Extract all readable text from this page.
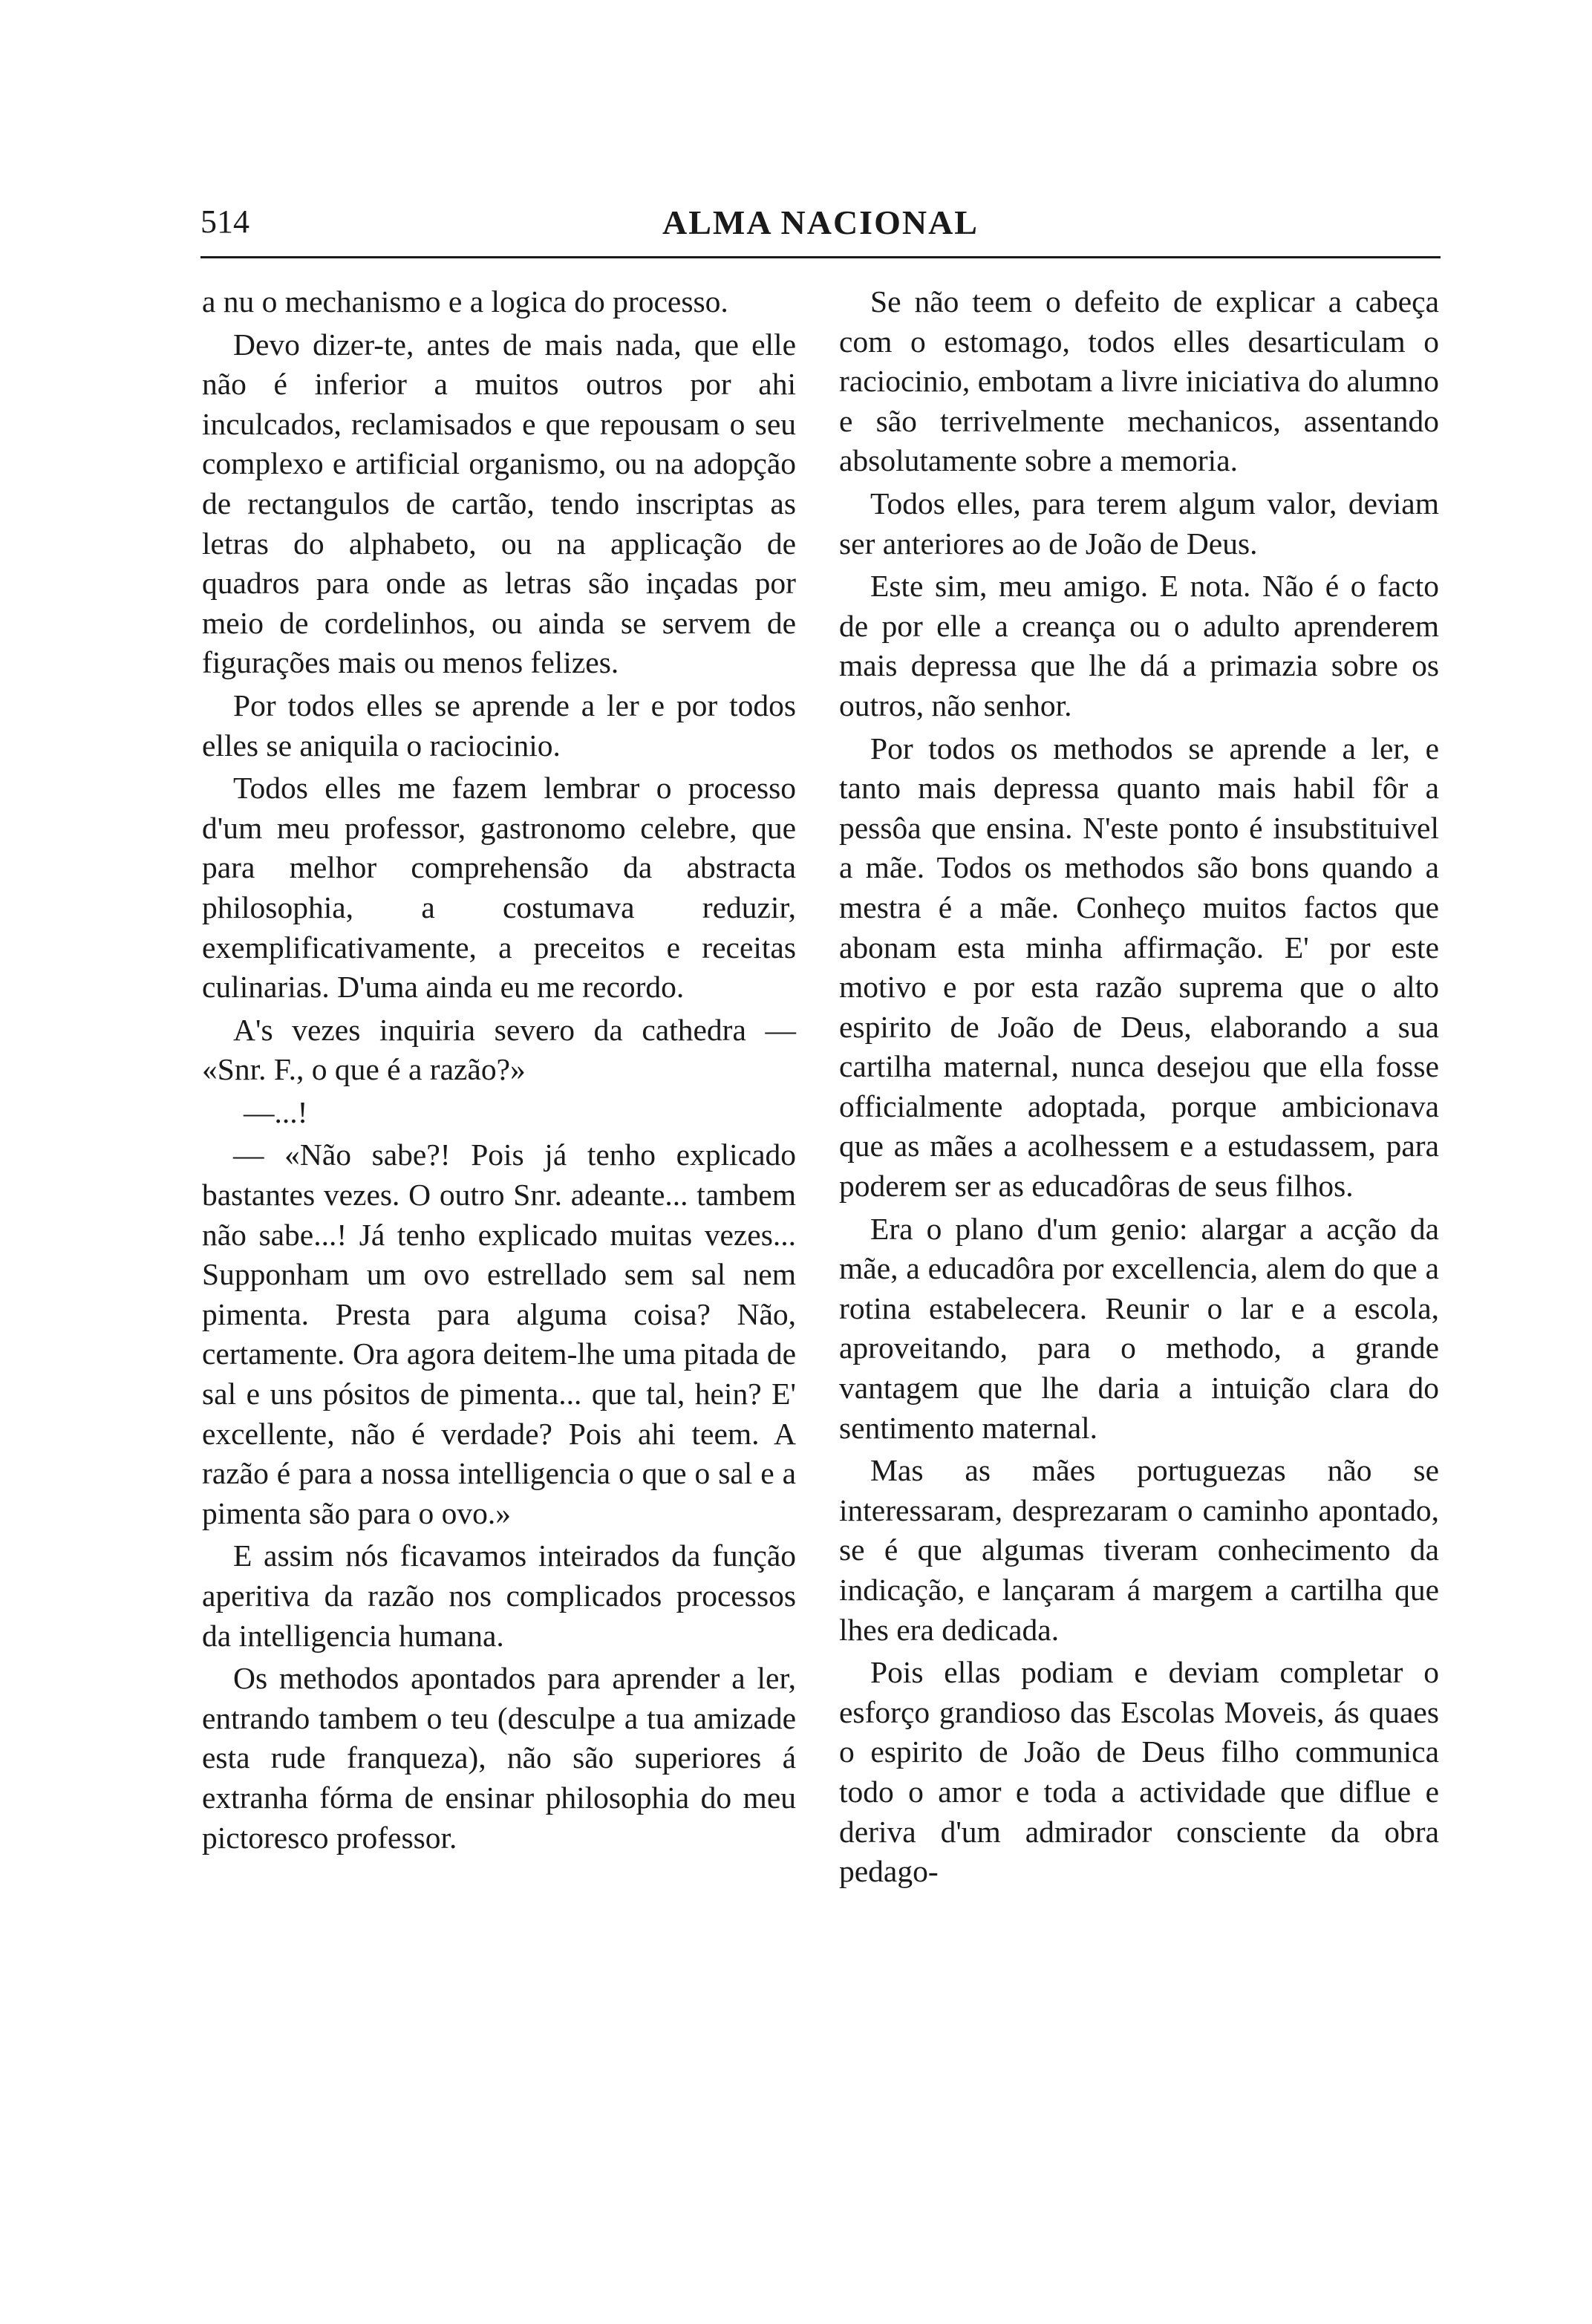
514	ALMA NACIONAL

a nu o mechanismo e a logica do processo.

Devo dizer-te, antes de mais nada, que elle não é inferior a muitos outros por ahi inculcados, reclamisados e que repousam o seu complexo e artificial organismo, ou na adopção de rectangulos de cartão, tendo inscriptas as letras do alphabeto, ou na applicação de quadros para onde as letras são inçadas por meio de cordelinhos, ou ainda se servem de figurações mais ou menos felizes.

Por todos elles se aprende a ler e por todos elles se aniquila o raciocinio.

Todos elles me fazem lembrar o processo d'um meu professor, gastronomo celebre, que para melhor comprehensão da abstracta philosophia, a costumava reduzir, exemplificativamente, a preceitos e receitas culinarias. D'uma ainda eu me recordo.

A's vezes inquiria severo da cathedra — «Snr. F., o que é a razão?»

—...!

— «Não sabe?! Pois já tenho explicado bastantes vezes. O outro Snr. adeante... tambem não sabe...! Já tenho explicado muitas vezes... Supponham um ovo estrellado sem sal nem pimenta. Presta para alguma coisa? Não, certamente. Ora agora deitem-lhe uma pitada de sal e uns pósitos de pimenta... que tal, hein? E' excellente, não é verdade? Pois ahi teem. A razão é para a nossa intelligencia o que o sal e a pimenta são para o ovo.»

E assim nós ficavamos inteirados da função aperitiva da razão nos complicados processos da intelligencia humana.

Os methodos apontados para aprender a ler, entrando tambem o teu (desculpe a tua amizade esta rude franqueza), não são superiores á extranha fórma de ensinar philosophia do meu pictoresco professor.

Se não teem o defeito de explicar a cabeça com o estomago, todos elles desarticulam o raciocinio, embotam a livre iniciativa do alumno e são terrivelmente mechanicos, assentando absolutamente sobre a memoria.

Todos elles, para terem algum valor, deviam ser anteriores ao de João de Deus.

Este sim, meu amigo. E nota. Não é o facto de por elle a creança ou o adulto aprenderem mais depressa que lhe dá a primazia sobre os outros, não senhor.

Por todos os methodos se aprende a ler, e tanto mais depressa quanto mais habil fôr a pessôa que ensina. N'este ponto é insubstituivel a mãe. Todos os methodos são bons quando a mestra é a mãe. Conheço muitos factos que abonam esta minha affirmação. E' por este motivo e por esta razão suprema que o alto espirito de João de Deus, elaborando a sua cartilha maternal, nunca desejou que ella fosse officialmente adoptada, porque ambicionava que as mães a acolhessem e a estudassem, para poderem ser as educadôras de seus filhos.

Era o plano d'um genio: alargar a acção da mãe, a educadôra por excellencia, alem do que a rotina estabelecera. Reunir o lar e a escola, aproveitando, para o methodo, a grande vantagem que lhe daria a intuição clara do sentimento maternal.

Mas as mães portuguezas não se interessaram, desprezaram o caminho apontado, se é que algumas tiveram conhecimento da indicação, e lançaram á margem a cartilha que lhes era dedicada.

Pois ellas podiam e deviam completar o esforço grandioso das Escolas Moveis, ás quaes o espirito de João de Deus filho communica todo o amor e toda a actividade que diflue e deriva d'um admirador consciente da obra pedago-
